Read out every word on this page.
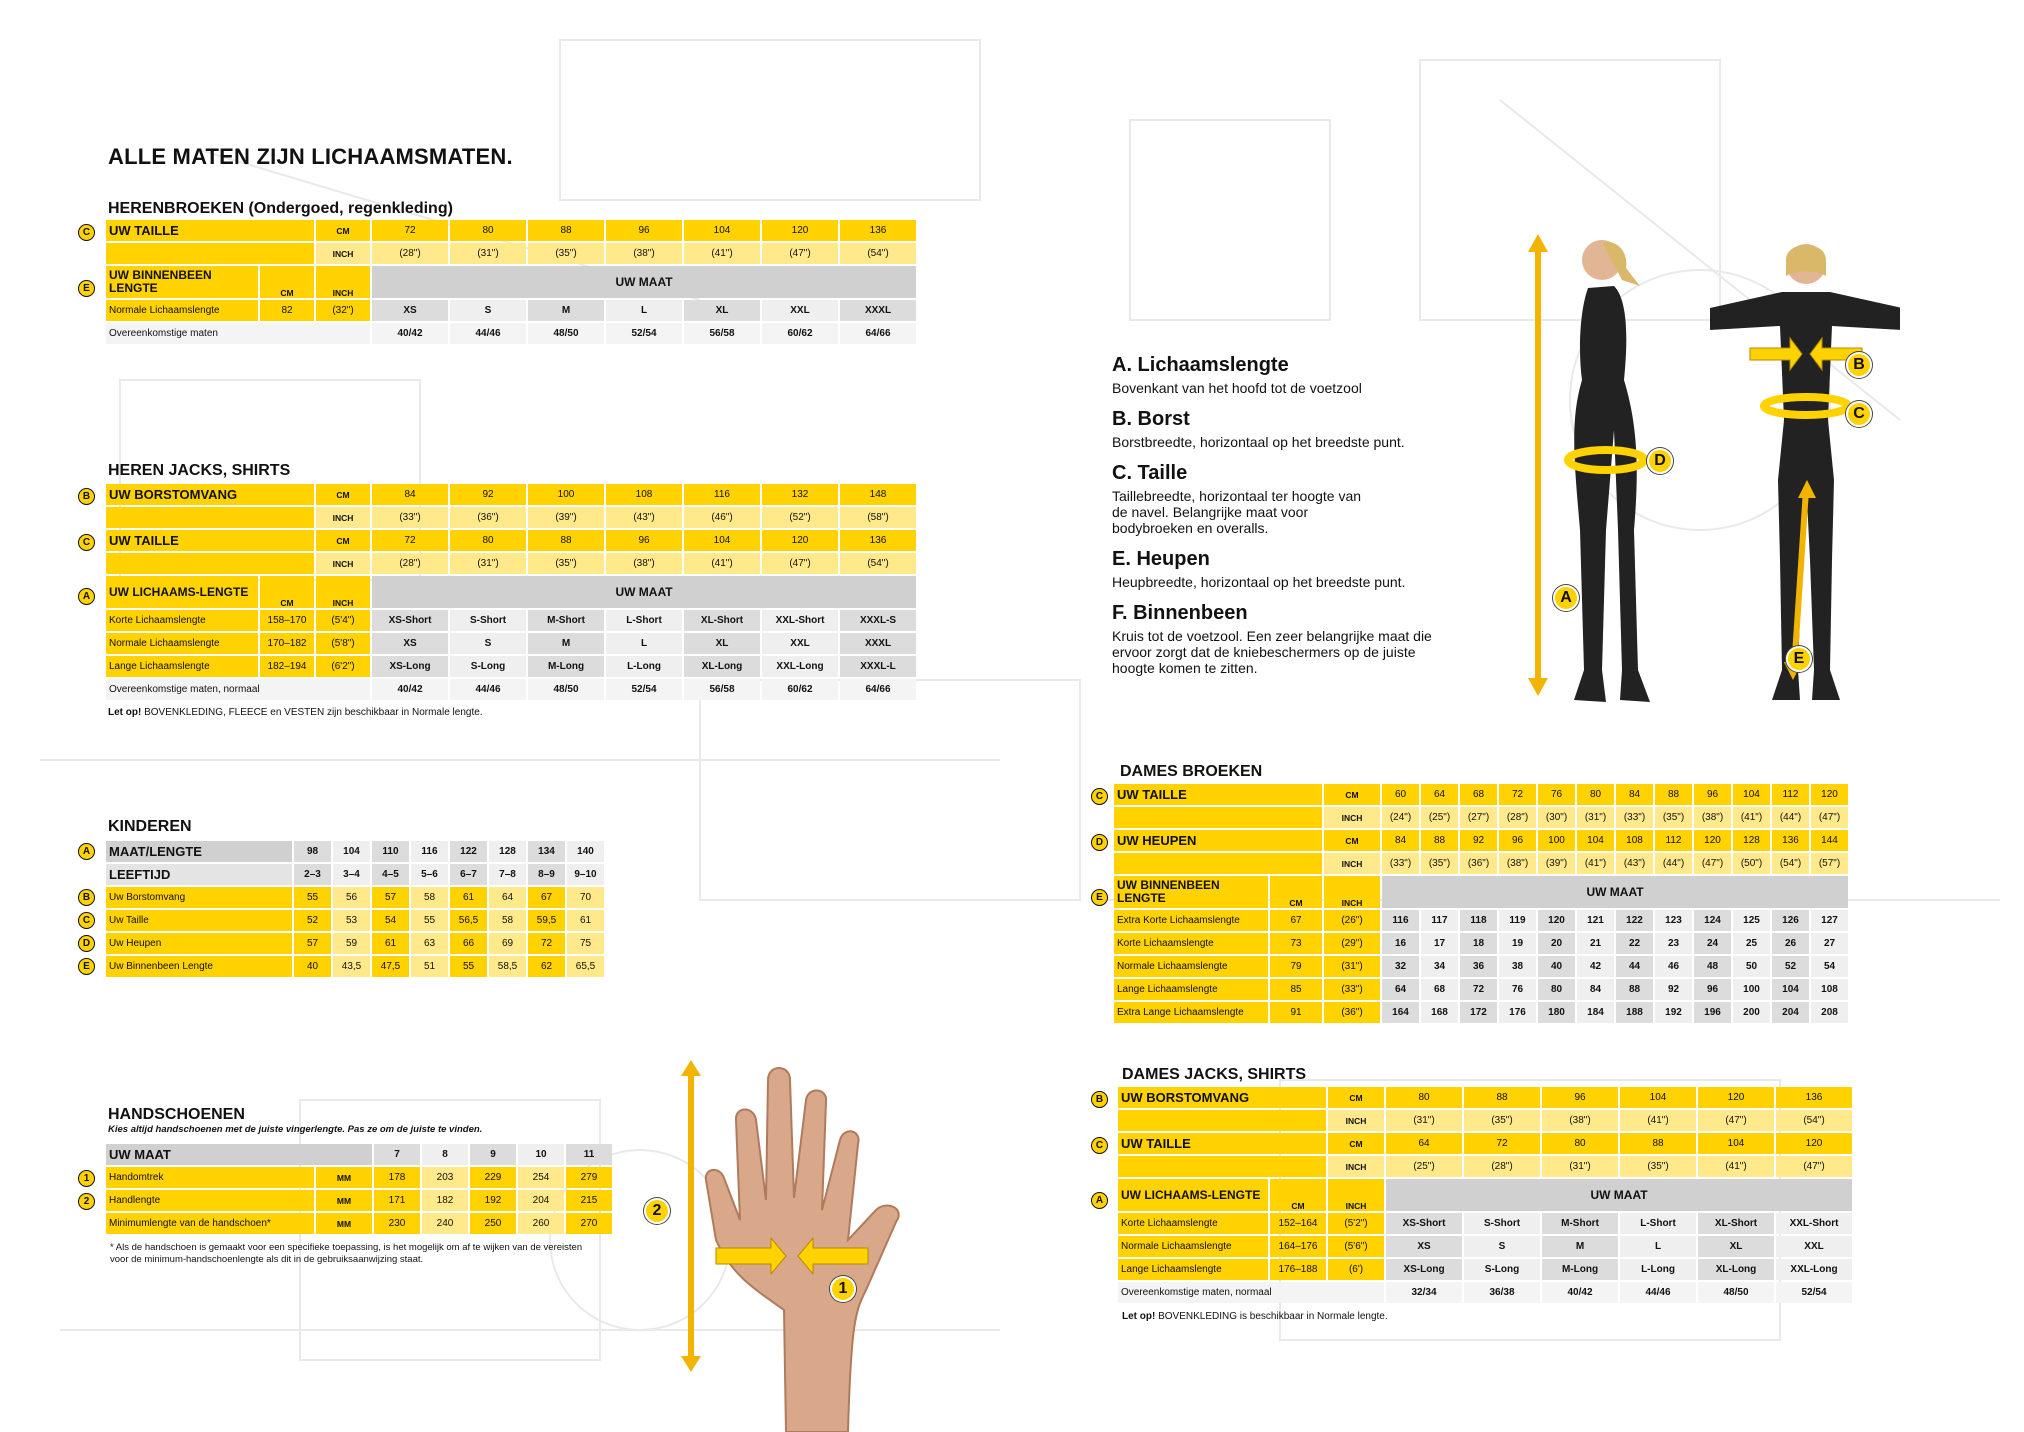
ALLE MATEN ZIJN LICHAAMSMATEN.
HERENBROEKEN (Ondergoed, regenkleding)
C
E
UW TAILLE		CM	72	80	88	96	104	120	136
		INCH	(28")	(31")	(35")	(38")	(41")	(47")	(54")
UW BINNENBEEN LENGTE	CM	INCH	UW MAAT						
Normale Lichaamslengte	82	(32")	XS	S	M	L	XL	XXL	XXXL
Overeenkomstige maten			40/42	44/46	48/50	52/54	56/58	60/62	64/66
HEREN JACKS, SHIRTS
B
C
A
UW BORSTOMVANG		CM	84	92	100	108	116	132	148
		INCH	(33")	(36")	(39")	(43")	(46")	(52")	(58")
UW TAILLE		CM	72	80	88	96	104	120	136
		INCH	(28")	(31")	(35")	(38")	(41")	(47")	(54")
UW LICHAAMS-LENGTE	CM	INCH	UW MAAT						
Korte Lichaamslengte	158–170	(5'4")	XS-Short	S-Short	M-Short	L-Short	XL-Short	XXL-Short	XXXL-S
Normale Lichaamslengte	170–182	(5'8")	XS	S	M	L	XL	XXL	XXXL
Lange Lichaamslengte	182–194	(6'2")	XS-Long	S-Long	M-Long	L-Long	XL-Long	XXL-Long	XXXL-L
Overeenkomstige maten, normaal			40/42	44/46	48/50	52/54	56/58	60/62	64/66
Let op! BOVENKLEDING, FLEECE en VESTEN zijn beschikbaar in Normale lengte.
KINDEREN
A
B
C
D
E
MAAT/LENGTE	98	104	110	116	122	128	134	140
LEEFTIJD	2–3	3–4	4–5	5–6	6–7	7–8	8–9	9–10
Uw Borstomvang	55	56	57	58	61	64	67	70
Uw Taille	52	53	54	55	56,5	58	59,5	61
Uw Heupen	57	59	61	63	66	69	72	75
Uw Binnenbeen Lengte	40	43,5	47,5	51	55	58,5	62	65,5
HANDSCHOENEN
Kies altijd handschoenen met de juiste vingerlengte. Pas ze om de juiste te vinden.
1
2
UW MAAT		7	8	9	10	11
Handomtrek	MM	178	203	229	254	279
Handlengte	MM	171	182	192	204	215
Minimumlengte van de handschoen*	MM	230	240	250	260	270
* Als de handschoen is gemaakt voor een specifieke toepassing, is het mogelijk om af te wijken van de vereisten voor de minimum-handschoenlengte als dit in de gebruiksaanwijzing staat.
2
1
A. Lichaamslengte
Bovenkant van het hoofd tot de voetzool
B. Borst
Borstbreedte, horizontaal op het breedste punt.
C. Taille
Taillebreedte, horizontaal ter hoogte van de navel. Belangrijke maat voor bodybroeken en overalls.
E. Heupen
Heupbreedte, horizontaal op het breedste punt.
F. Binnenbeen
Kruis tot de voetzool. Een zeer belangrijke maat die ervoor zorgt dat de kniebeschermers op de juiste hoogte komen te zitten.
A
D
B
C
E
DAMES BROEKEN
C
D
E
UW TAILLE		CM	60	64	68	72	76	80	84	88	96	104	112	120
		INCH	(24")	(25")	(27")	(28")	(30")	(31")	(33")	(35")	(38")	(41")	(44")	(47")
UW HEUPEN		CM	84	88	92	96	100	104	108	112	120	128	136	144
		INCH	(33")	(35")	(36")	(38")	(39")	(41")	(43")	(44")	(47")	(50")	(54")	(57")
UW BINNENBEEN LENGTE	CM	INCH	UW MAAT											
Extra Korte Lichaamslengte	67	(26")	116	117	118	119	120	121	122	123	124	125	126	127
Korte Lichaamslengte	73	(29")	16	17	18	19	20	21	22	23	24	25	26	27
Normale Lichaamslengte	79	(31")	32	34	36	38	40	42	44	46	48	50	52	54
Lange Lichaamslengte	85	(33")	64	68	72	76	80	84	88	92	96	100	104	108
Extra Lange Lichaamslengte	91	(36")	164	168	172	176	180	184	188	192	196	200	204	208
DAMES JACKS, SHIRTS
B
C
A
UW BORSTOMVANG		CM	80	88	96	104	120	136
		INCH	(31")	(35")	(38")	(41")	(47")	(54")
UW TAILLE		CM	64	72	80	88	104	120
		INCH	(25")	(28")	(31")	(35")	(41")	(47")
UW LICHAAMS-LENGTE	CM	INCH	UW MAAT					
Korte Lichaamslengte	152–164	(5'2")	XS-Short	S-Short	M-Short	L-Short	XL-Short	XXL-Short
Normale Lichaamslengte	164–176	(5'6")	XS	S	M	L	XL	XXL
Lange Lichaamslengte	176–188	(6')	XS-Long	S-Long	M-Long	L-Long	XL-Long	XXL-Long
Overeenkomstige maten, normaal			32/34	36/38	40/42	44/46	48/50	52/54
Let op! BOVENKLEDING is beschikbaar in Normale lengte.
